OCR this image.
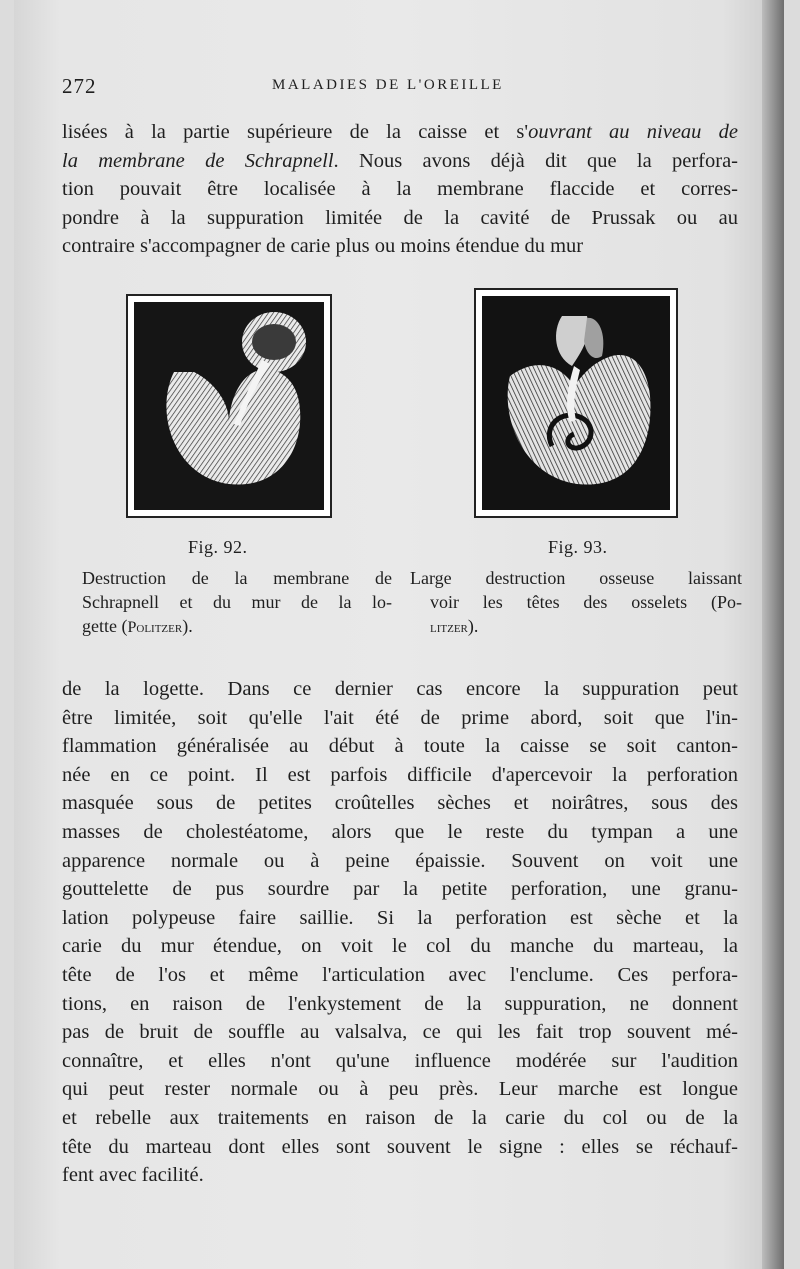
272	MALADIES DE L'OREILLE
lisées à la partie supérieure de la caisse et s'ouvrant au niveau de
la membrane de Schrapnell. Nous avons déjà dit que la perfora-
tion pouvait être localisée à la membrane flaccide et corres-
pondre à la suppuration limitée de la cavité de Prussak ou au
contraire s'accompagner de carie plus ou moins étendue du mur
Fig. 92.
Destruction de la membrane de
Schrapnell et du mur de la lo-
gette (Politzer).
Fig. 93.
Large destruction osseuse laissant
voir les têtes des osselets (Po-
litzer).
de la logette. Dans ce dernier cas encore la suppuration peut
être limitée, soit qu'elle l'ait été de prime abord, soit que l'in-
flammation généralisée au début à toute la caisse se soit canton-
née en ce point. Il est parfois difficile d'apercevoir la perforation
masquée sous de petites croûtelles sèches et noirâtres, sous des
masses de cholestéatome, alors que le reste du tympan a une
apparence normale ou à peine épaissie. Souvent on voit une
gouttelette de pus sourdre par la petite perforation, une granu-
lation polypeuse faire saillie. Si la perforation est sèche et la
carie du mur étendue, on voit le col du manche du marteau, la
tête de l'os et même l'articulation avec l'enclume. Ces perfora-
tions, en raison de l'enkystement de la suppuration, ne donnent
pas de bruit de souffle au valsalva, ce qui les fait trop souvent mé-
connaître, et elles n'ont qu'une influence modérée sur l'audition
qui peut rester normale ou à peu près. Leur marche est longue
et rebelle aux traitements en raison de la carie du col ou de la
tête du marteau dont elles sont souvent le signe : elles se réchauf-
fent avec facilité.
